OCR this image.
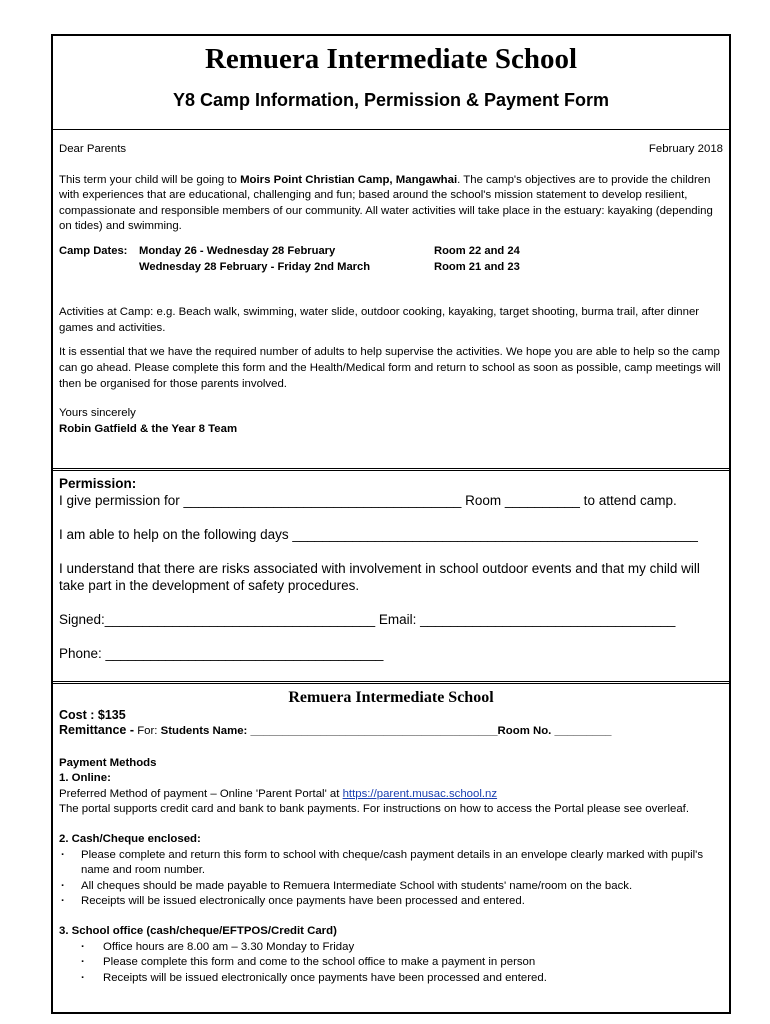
Remuera Intermediate School
Y8 Camp Information, Permission & Payment Form
Dear Parents	February 2018

This term your child will be going to Moirs Point Christian Camp, Mangawhai. The camp's objectives are to provide the children with experiences that are educational, challenging and fun; based around the school's mission statement to develop resilient, compassionate and responsible members of our community. All water activities will take place in the estuary: kayaking (depending on tides) and swimming.

Camp Dates:	Monday 26 - Wednesday 28 February	Room 22 and 24
Wednesday 28 February - Friday 2nd March	Room 21 and 23

Activities at Camp: e.g. Beach walk, swimming, water slide, outdoor cooking, kayaking, target shooting, burma trail, after dinner games and activities.

It is essential that we have the required number of adults to help supervise the activities. We hope you are able to help so the camp can go ahead. Please complete this form and the Health/Medical form and return to school as soon as possible, camp meetings will then be organised for those parents involved.

Yours sincerely

Robin Gatfield & the Year 8 Team

Permission:

I give permission for _____________________________________ Room __________ to attend camp.

I am able to help on the following days ______________________________________________________

I understand that there are risks associated with involvement in school outdoor events and that my child will take part in the development of safety procedures.

Signed:____________________________________ Email: __________________________________

Phone: _____________________________________

Remuera Intermediate School

Cost : $135

Remittance - For: Students Name: _______________________________________Room No. _________

Payment Methods

1. Online:

Preferred Method of payment – Online 'Parent Portal' at https://parent.musac.school.nz

The portal supports credit card and bank to bank payments. For instructions on how to access the Portal please see overleaf.

2. Cash/Cheque enclosed:

· Please complete and return this form to school with cheque/cash payment details in an envelope clearly marked with pupil's name and room number.
· All cheques should be made payable to Remuera Intermediate School with students' name/room on the back.
· Receipts will be issued electronically once payments have been processed and entered.

3. School office (cash/cheque/EFTPOS/Credit Card)

· Office hours are 8.00 am – 3.30 Monday to Friday
· Please complete this form and come to the school office to make a payment in person
· Receipts will be issued electronically once payments have been processed and entered.
